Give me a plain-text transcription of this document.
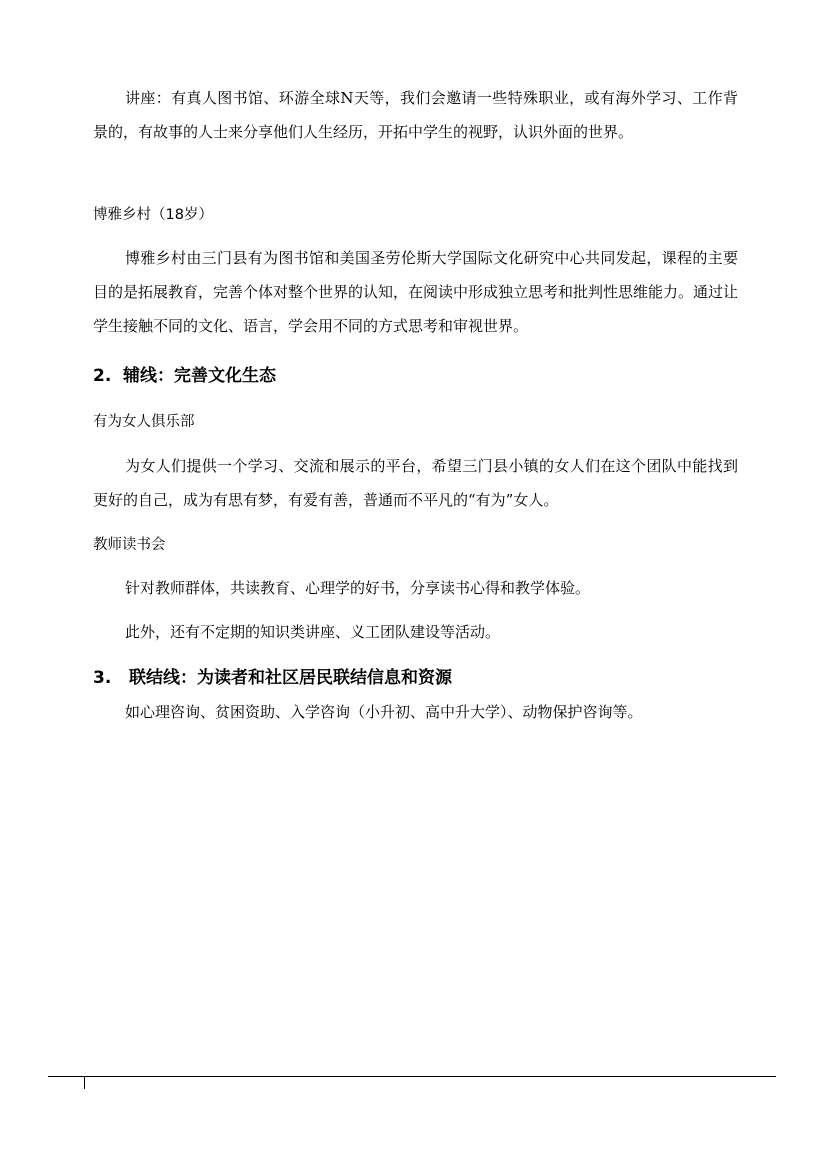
讲座：有真人图书馆、环游全球N天等，我们会邀请一些特殊职业，或有海外学习、工作背景的，有故事的人士来分享他们人生经历，开拓中学生的视野，认识外面的世界。

博雅乡村（18岁）

博雅乡村由三门县有为图书馆和美国圣劳伦斯大学国际文化研究中心共同发起，课程的主要目的是拓展教育，完善个体对整个世界的认知，在阅读中形成独立思考和批判性思维能力。通过让学生接触不同的文化、语言，学会用不同的方式思考和审视世界。

2. 辅线：完善文化生态

有为女人俱乐部

为女人们提供一个学习、交流和展示的平台，希望三门县小镇的女人们在这个团队中能找到更好的自己，成为有思有梦，有爱有善，普通而不平凡的“有为”女人。

教师读书会

针对教师群体，共读教育、心理学的好书，分享读书心得和教学体验。

此外，还有不定期的知识类讲座、义工团队建设等活动。

3. 联结线：为读者和社区居民联结信息和资源

如心理咨询、贫困资助、入学咨询（小升初、高中升大学）、动物保护咨询等。
